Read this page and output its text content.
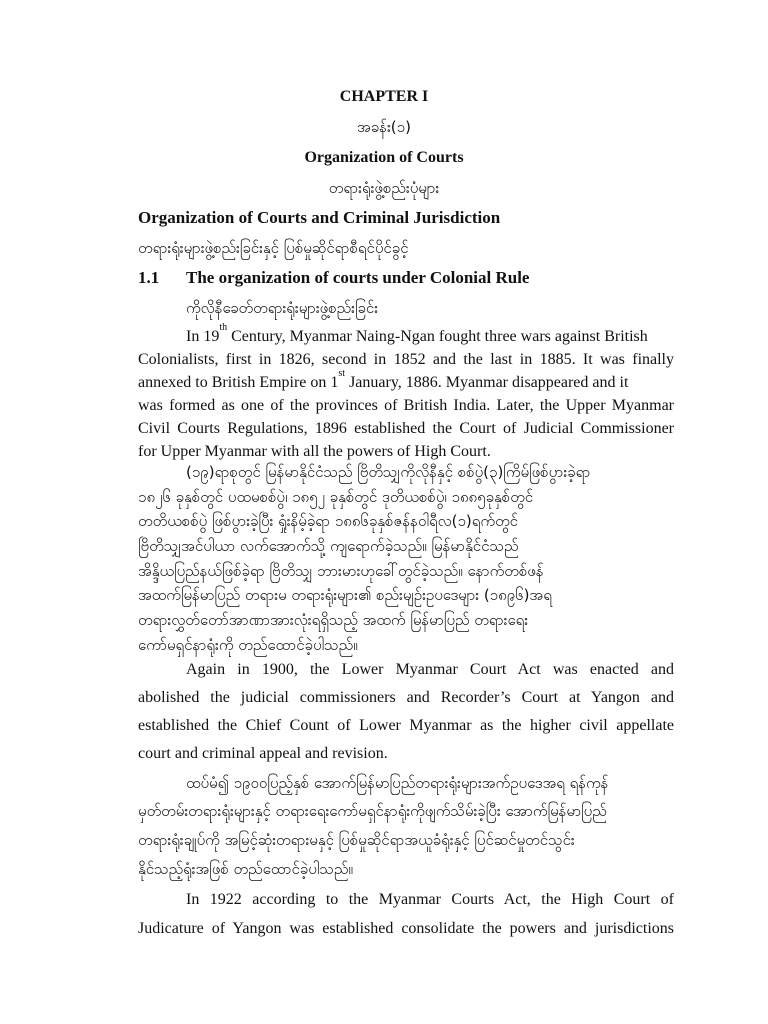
CHAPTER I
အခန်း(၁)
Organization of Courts
တရားရုံးဖွဲ့စည်းပုံများ
Organization of Courts and Criminal Jurisdiction
တရားရုံးများဖွဲ့စည်းခြင်းနှင့် ပြစ်မှုဆိုင်ရာစီရင်ပိုင်ခွင့်
1.1 The organization of courts under Colonial Rule
ကိုလိုနီခေတ်တရားရုံးများဖွဲ့စည်းခြင်း
In 19th Century, Myanmar Naing-Ngan fought three wars against British
Colonialists, first in 1826, second in 1852 and the last in 1885. It was finally
annexed to British Empire on 1st January, 1886. Myanmar disappeared and it
was formed as one of the provinces of British India. Later, the Upper Myanmar
Civil Courts Regulations, 1896 established the Court of Judicial Commissioner
for Upper Myanmar with all the powers of High Court.
(၁၉)ရာစုတွင် မြန်မာနိုင်ငံသည် ဗြိတိသျှကိုလိုနီနှင့် စစ်ပွဲ(၃)ကြိမ်ဖြစ်ပွားခဲ့ရာ
၁၈၂၆ ခုနှစ်တွင် ပထမစစ်ပွဲ၊ ၁၈၅၂ ခုနှစ်တွင် ဒုတိယစစ်ပွဲ၊ ၁၈၈၅ခုနှစ်တွင်
တတိယစစ်ပွဲ ဖြစ်ပွားခဲ့ပြီး ရှုံးနိမ့်ခဲ့ရာ ၁၈၈၆ခုနှစ်ဇန်နဝါရီလ(၁)ရက်တွင်
ဗြိတိသျှအင်ပါယာ လက်အောက်သို့ ကျရောက်ခဲ့သည်။ မြန်မာနိုင်ငံသည်
အိန္ဒိယပြည်နယ်ဖြစ်ခဲ့ရာ ဗြိတိသျှ ဘားမားဟုခေါ်တွင်ခဲ့သည်။ နောက်တစ်ဖန်
အထက်မြန်မာပြည် တရားမ တရားရုံးများ၏ စည်းမျဉ်းဥပဒေများ (၁၈၉၆)အရ
တရားလွှတ်တော်အာဏာအားလုံးရရှိသည့် အထက် မြန်မာပြည် တရားရေး
ကော်မရှင်နာရုံးကို တည်ထောင်ခဲ့ပါသည်။
Again in 1900, the Lower Myanmar Court Act was enacted and
abolished the judicial commissioners and Recorder’s Court at Yangon and
established the Chief Count of Lower Myanmar as the higher civil appellate
court and criminal appeal and revision.
ထပ်မံ၍ ၁၉၀၀ပြည့်နှစ် အောက်မြန်မာပြည်တရားရုံးများအက်ဥပဒေအရ ရန်ကုန်
မှတ်တမ်းတရားရုံးများနှင့် တရားရေးကော်မရှင်နာရုံးကိုဖျက်သိမ်းခဲ့ပြီး အောက်မြန်မာပြည်
တရားရုံးချုပ်ကို အမြင့်ဆုံးတရားမနှင့် ပြစ်မှုဆိုင်ရာအယူခံရုံးနှင့် ပြင်ဆင်မှုတင်သွင်း
နိုင်သည့်ရုံးအဖြစ် တည်ထောင်ခဲ့ပါသည်။
In 1922 according to the Myanmar Courts Act, the High Court of
Judicature of Yangon was established consolidate the powers and jurisdictions
